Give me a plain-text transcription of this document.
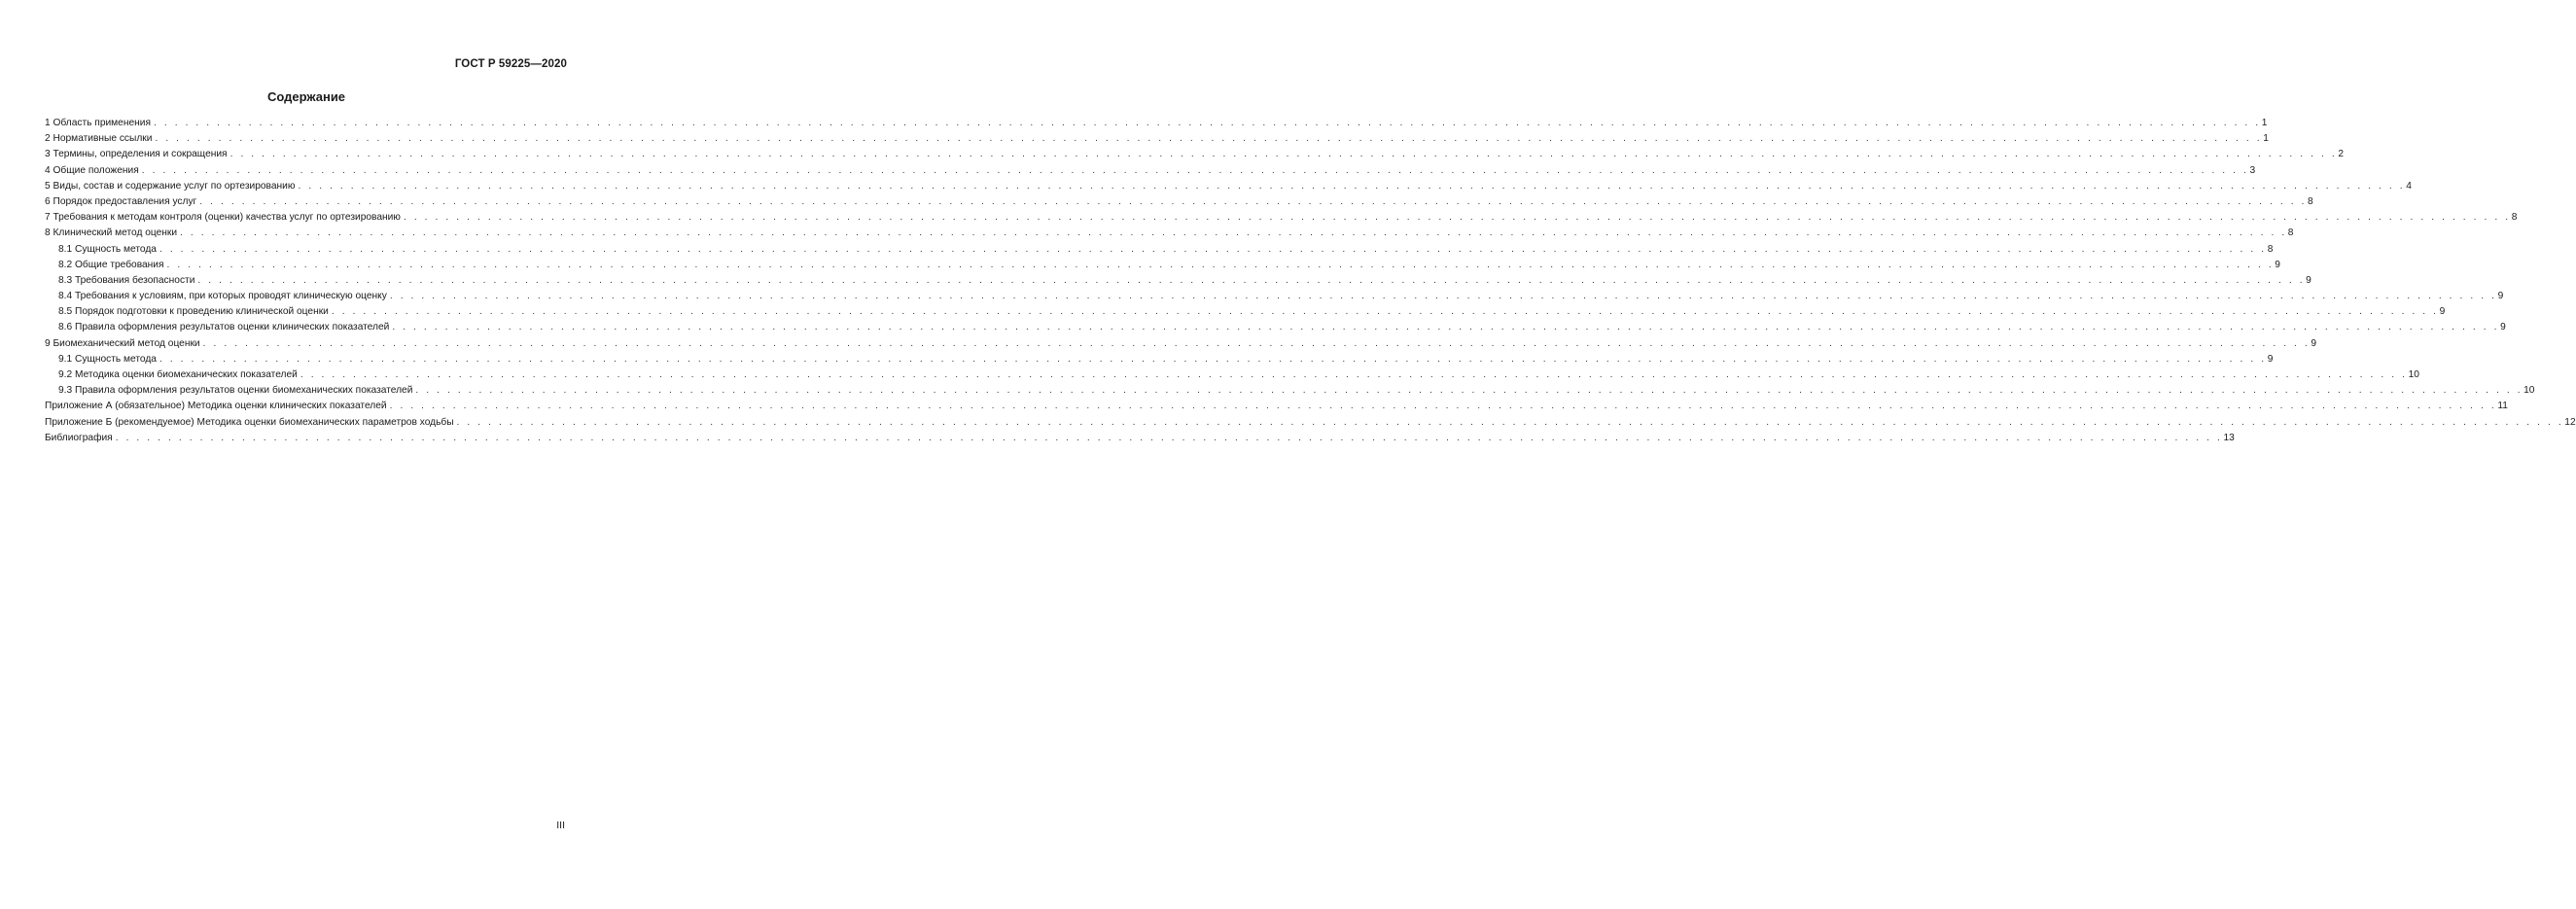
ГОСТ Р 59225—2020
Содержание
1 Область применения . . . . . . . . . . . . . . . . . . . . . . . . . . . . . . . . . . . . . . . . . . . . . . . . . . . . . . . . . . . . . . . . . . . . . . . . . . . . . . . . . . . . . . . . . . . . . . . . . . . . . . . . . . . . . . . . . . . . . . . . . . . . . . . . . . . . . . . . . . . . . . . . . . . . . . . . . . . . . . . . . . . . . . . . . . . . . . . . . . . . . . . . . . . . . . . . . . . . . . . . 1
2 Нормативные ссылки . . . . . . . . . . . . . . . . . . . . . . . . . . . . . . . . . . . . . . . . . . . . . . . . . . . . . . . . . . . . . . . . . . . . . . . . . . . . . . . . . . . . . . . . . . . . . . . . . . . . . . . . . . . . . . . . . . . . . . . . . . . . . . . . . . . . . . . . . . . . . . . . . . . . . . . . . . . . . . . . . . . . . . . . . . . . . . . . . . . . . . . . . . . . . . . . . . . . . . . . 1
3 Термины, определения и сокращения . . . . . . . . . . . . . . . . . . . . . . . . . . . . . . . . . . . . . . . . . . . . . . . . . . . . . . . . . . . . . . . . . . . . . . . . . . . . . . . . . . . . . . . . . . . . . . . . . . . . . . . . . . . . . . . . . . . . . . . . . . . . . . . . . . . . . . . . . . . . . . . . . . . . . . . . . . . . . . . . . . . . . . . . . . . . . . . . . . . . . . . . . . . . . . . . . . . . . . . . 2
4 Общие положения . . . . . . . . . . . . . . . . . . . . . . . . . . . . . . . . . . . . . . . . . . . . . . . . . . . . . . . . . . . . . . . . . . . . . . . . . . . . . . . . . . . . . . . . . . . . . . . . . . . . . . . . . . . . . . . . . . . . . . . . . . . . . . . . . . . . . . . . . . . . . . . . . . . . . . . . . . . . . . . . . . . . . . . . . . . . . . . . . . . . . . . . . . . . . . . . . . . . . . . . 3
5 Виды, состав и содержание услуг по ортезированию . . . . . . . . . . . . . . . . . . . . . . . . . . . . . . . . . . . . . . . . . . . . . . . . . . . . . . . . . . . . . . . . . . . . . . . . . . . . . . . . . . . . . . . . . . . . . . . . . . . . . . . . . . . . . . . . . . . . . . . . . . . . . . . . . . . . . . . . . . . . . . . . . . . . . . . . . . . . . . . . . . . . . . . . . . . . . . . . . . . . . . . . . . . . . . . . . . . . . . . . 4
6 Порядок предоставления услуг . . . . . . . . . . . . . . . . . . . . . . . . . . . . . . . . . . . . . . . . . . . . . . . . . . . . . . . . . . . . . . . . . . . . . . . . . . . . . . . . . . . . . . . . . . . . . . . . . . . . . . . . . . . . . . . . . . . . . . . . . . . . . . . . . . . . . . . . . . . . . . . . . . . . . . . . . . . . . . . . . . . . . . . . . . . . . . . . . . . . . . . . . . . . . . . . . . . . . . . . 8
7 Требования к методам контроля (оценки) качества услуг по ортезированию . . . . . . . . . . . . . . . . . . . . . . . . . . . . . . . . . . . . . . . . . . . . . . . . . . . . . . . . . . . . . . . . . . . . . . . . . . . . . . . . . . . . . . . . . . . . . . . . . . . . . . . . . . . . . . . . . . . . . . . . . . . . . . . . . . . . . . . . . . . . . . . . . . . . . . . . . . . . . . . . . . . . . . . . . . . . . . . . . . . . . . . . . . . . . . . . . . . . . . . . 8
8 Клинический метод оценки . . . . . . . . . . . . . . . . . . . . . . . . . . . . . . . . . . . . . . . . . . . . . . . . . . . . . . . . . . . . . . . . . . . . . . . . . . . . . . . . . . . . . . . . . . . . . . . . . . . . . . . . . . . . . . . . . . . . . . . . . . . . . . . . . . . . . . . . . . . . . . . . . . . . . . . . . . . . . . . . . . . . . . . . . . . . . . . . . . . . . . . . . . . . . . . . . . . . . . . . 8
8.1 Сущность метода . . . . . . . . . . . . . . . . . . . . . . . . . . . . . . . . . . . . . . . . . . . . . . . . . . . . . . . . . . . . . . . . . . . . . . . . . . . . . . . . . . . . . . . . . . . . . . . . . . . . . . . . . . . . . . . . . . . . . . . . . . . . . . . . . . . . . . . . . . . . . . . . . . . . . . . . . . . . . . . . . . . . . . . . . . . . . . . . . . . . . . . . . . . . . . . . . . . . . . . . 8
8.2 Общие требования . . . . . . . . . . . . . . . . . . . . . . . . . . . . . . . . . . . . . . . . . . . . . . . . . . . . . . . . . . . . . . . . . . . . . . . . . . . . . . . . . . . . . . . . . . . . . . . . . . . . . . . . . . . . . . . . . . . . . . . . . . . . . . . . . . . . . . . . . . . . . . . . . . . . . . . . . . . . . . . . . . . . . . . . . . . . . . . . . . . . . . . . . . . . . . . . . . . . . . . . 9
8.3 Требования безопасности . . . . . . . . . . . . . . . . . . . . . . . . . . . . . . . . . . . . . . . . . . . . . . . . . . . . . . . . . . . . . . . . . . . . . . . . . . . . . . . . . . . . . . . . . . . . . . . . . . . . . . . . . . . . . . . . . . . . . . . . . . . . . . . . . . . . . . . . . . . . . . . . . . . . . . . . . . . . . . . . . . . . . . . . . . . . . . . . . . . . . . . . . . . . . . . . . . . . . . . . 9
8.4 Требования к условиям, при которых проводят клиническую оценку . . . . . . . . . . . . . . . . . . . . . . . . . . . . . . . . . . . . . . . . . . . . . . . . . . . . . . . . . . . . . . . . . . . . . . . . . . . . . . . . . . . . . . . . . . . . . . . . . . . . . . . . . . . . . . . . . . . . . . . . . . . . . . . . . . . . . . . . . . . . . . . . . . . . . . . . . . . . . . . . . . . . . . . . . . . . . . . . . . . . . . . . . . . . . . . . . . . . . . . . 9
8.5 Порядок подготовки к проведению клинической оценки . . . . . . . . . . . . . . . . . . . . . . . . . . . . . . . . . . . . . . . . . . . . . . . . . . . . . . . . . . . . . . . . . . . . . . . . . . . . . . . . . . . . . . . . . . . . . . . . . . . . . . . . . . . . . . . . . . . . . . . . . . . . . . . . . . . . . . . . . . . . . . . . . . . . . . . . . . . . . . . . . . . . . . . . . . . . . . . . . . . . . . . . . . . . . . . . . . . . . . . . 9
8.6 Правила оформления результатов оценки клинических показателей . . . . . . . . . . . . . . . . . . . . . . . . . . . . . . . . . . . . . . . . . . . . . . . . . . . . . . . . . . . . . . . . . . . . . . . . . . . . . . . . . . . . . . . . . . . . . . . . . . . . . . . . . . . . . . . . . . . . . . . . . . . . . . . . . . . . . . . . . . . . . . . . . . . . . . . . . . . . . . . . . . . . . . . . . . . . . . . . . . . . . . . . . . . . . . . . . . . . . . . . 9
9 Биомеханический метод оценки . . . . . . . . . . . . . . . . . . . . . . . . . . . . . . . . . . . . . . . . . . . . . . . . . . . . . . . . . . . . . . . . . . . . . . . . . . . . . . . . . . . . . . . . . . . . . . . . . . . . . . . . . . . . . . . . . . . . . . . . . . . . . . . . . . . . . . . . . . . . . . . . . . . . . . . . . . . . . . . . . . . . . . . . . . . . . . . . . . . . . . . . . . . . . . . . . . . . . . . . 9
9.1 Сущность метода . . . . . . . . . . . . . . . . . . . . . . . . . . . . . . . . . . . . . . . . . . . . . . . . . . . . . . . . . . . . . . . . . . . . . . . . . . . . . . . . . . . . . . . . . . . . . . . . . . . . . . . . . . . . . . . . . . . . . . . . . . . . . . . . . . . . . . . . . . . . . . . . . . . . . . . . . . . . . . . . . . . . . . . . . . . . . . . . . . . . . . . . . . . . . . . . . . . . . . . . 9
9.2 Методика оценки биомеханических показателей . . . . . . . . . . . . . . . . . . . . . . . . . . . . . . . . . . . . . . . . . . . . . . . . . . . . . . . . . . . . . . . . . . . . . . . . . . . . . . . . . . . . . . . . . . . . . . . . . . . . . . . . . . . . . . . . . . . . . . . . . . . . . . . . . . . . . . . . . . . . . . . . . . . . . . . . . . . . . . . . . . . . . . . . . . . . . . . . . . . . . . . . . . . . . . . . . . . . . . . . 10
9.3 Правила оформления результатов оценки биомеханических показателей . . . . . . . . . . . . . . . . . . . . . . . . . . . . . . . . . . . . . . . . . . . . . . . . . . . . . . . . . . . . . . . . . . . . . . . . . . . . . . . . . . . . . . . . . . . . . . . . . . . . . . . . . . . . . . . . . . . . . . . . . . . . . . . . . . . . . . . . . . . . . . . . . . . . . . . . . . . . . . . . . . . . . . . . . . . . . . . . . . . . . . . . . . . . . . . . . . . . . . . . 10
Приложение А (обязательное) Методика оценки клинических показателей . . . . . . . . . . . . . . . . . . . . . . . . . . . . . . . . . . . . . . . . . . . . . . . . . . . . . . . . . . . . . . . . . . . . . . . . . . . . . . . . . . . . . . . . . . . . . . . . . . . . . . . . . . . . . . . . . . . . . . . . . . . . . . . . . . . . . . . . . . . . . . . . . . . . . . . . . . . . . . . . . . . . . . . . . . . . . . . . . . . . . . . . . . . . . . . . . . . . . . . . 11
Приложение Б (рекомендуемое) Методика оценки биомеханических параметров ходьбы . . . . . . . . . . . . . . . . . . . . . . . . . . . . . . . . . . . . . . . . . . . . . . . . . . . . . . . . . . . . . . . . . . . . . . . . . . . . . . . . . . . . . . . . . . . . . . . . . . . . . . . . . . . . . . . . . . . . . . . . . . . . . . . . . . . . . . . . . . . . . . . . . . . . . . . . . . . . . . . . . . . . . . . . . . . . . . . . . . . . . . . . . . . . . . . . . . . . . . . . 12
Библиография . . . . . . . . . . . . . . . . . . . . . . . . . . . . . . . . . . . . . . . . . . . . . . . . . . . . . . . . . . . . . . . . . . . . . . . . . . . . . . . . . . . . . . . . . . . . . . . . . . . . . . . . . . . . . . . . . . . . . . . . . . . . . . . . . . . . . . . . . . . . . . . . . . . . . . . . . . . . . . . . . . . . . . . . . . . . . . . . . . . . . . . . . . . . . . . . . . . . . . . . 13
III
